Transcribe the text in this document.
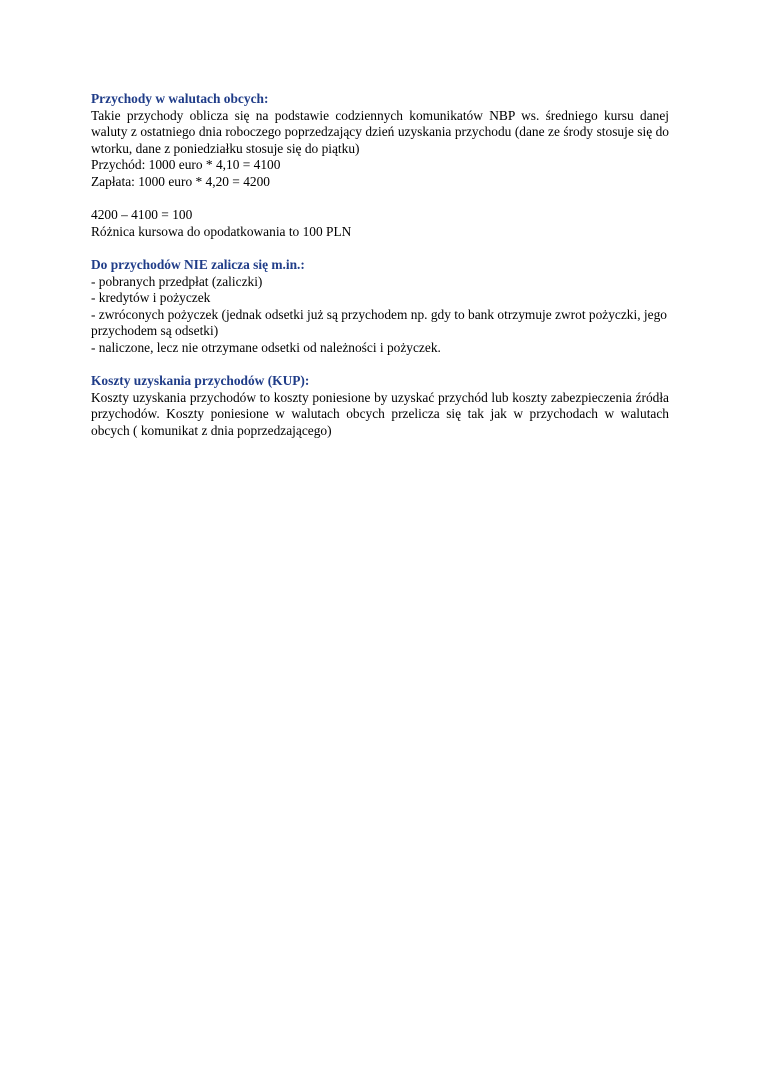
Przychody w walutach obcych:

Takie przychody oblicza się na podstawie codziennych komunikatów NBP ws. średniego kursu danej waluty z ostatniego dnia roboczego poprzedzający dzień uzyskania przychodu (dane ze środy stosuje się do wtorku, dane z poniedziałku stosuje się do piątku)

Przychód: 1000 euro * 4,10 = 4100
Zapłata: 1000 euro * 4,20 = 4200
4200 – 4100 = 100
Różnica kursowa do opodatkowania to 100 PLN

Do przychodów NIE zalicza się m.in.:

- pobranych przedpłat (zaliczki)

- kredytów i pożyczek

- zwróconych pożyczek (jednak odsetki już są przychodem np. gdy to bank otrzymuje zwrot pożyczki, jego przychodem są odsetki)

- naliczone, lecz nie otrzymane odsetki od należności i pożyczek.

Koszty uzyskania przychodów (KUP):

Koszty uzyskania przychodów to koszty poniesione by uzyskać przychód lub koszty zabezpieczenia źródła przychodów. Koszty poniesione w walutach obcych przelicza się tak jak w przychodach w walutach obcych ( komunikat z dnia poprzedzającego)
